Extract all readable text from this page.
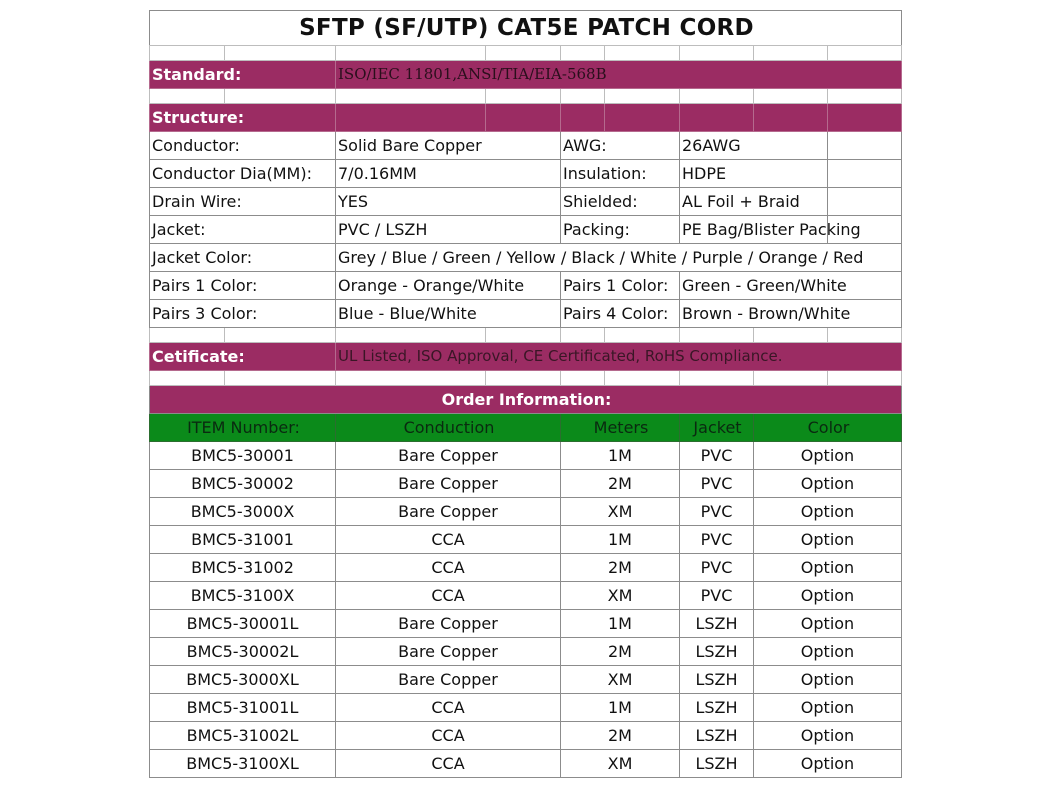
SFTP (SF/UTP) CAT5E PATCH CORD								

Standard:		ISO/IEC 11801,ANSI/TIA/EIA-568B						

Structure:								
Conductor:		Solid Bare Copper		AWG:		26AWG		
Conductor Dia(MM):		7/0.16MM		Insulation:		HDPE		
Drain Wire:		YES		Shielded:		AL Foil + Braid		
Jacket:		PVC / LSZH		Packing:		PE Bag/Blister Packing		
Jacket Color:		Grey / Blue / Green / Yellow / Black / White / Purple / Orange / Red						
Pairs 1 Color:		Orange - Orange/White		Pairs 1 Color:		Green - Green/White		
Pairs 3 Color:		Blue - Blue/White		Pairs 4 Color:		Brown - Brown/White		

Cetificate:		UL Listed, ISO Approval, CE Certificated, RoHS Compliance.						

Order Information:								
ITEM Number:		Conduction		Meters		Jacket	Color	
BMC5-30001		Bare Copper		1M		PVC	Option	
BMC5-30002		Bare Copper		2M		PVC	Option	
BMC5-3000X		Bare Copper		XM		PVC	Option	
BMC5-31001		CCA		1M		PVC	Option	
BMC5-31002		CCA		2M		PVC	Option	
BMC5-3100X		CCA		XM		PVC	Option	
BMC5-30001L		Bare Copper		1M		LSZH	Option	
BMC5-30002L		Bare Copper		2M		LSZH	Option	
BMC5-3000XL		Bare Copper		XM		LSZH	Option	
BMC5-31001L		CCA		1M		LSZH	Option	
BMC5-31002L		CCA		2M		LSZH	Option	
BMC5-3100XL		CCA		XM		LSZH	Option	
